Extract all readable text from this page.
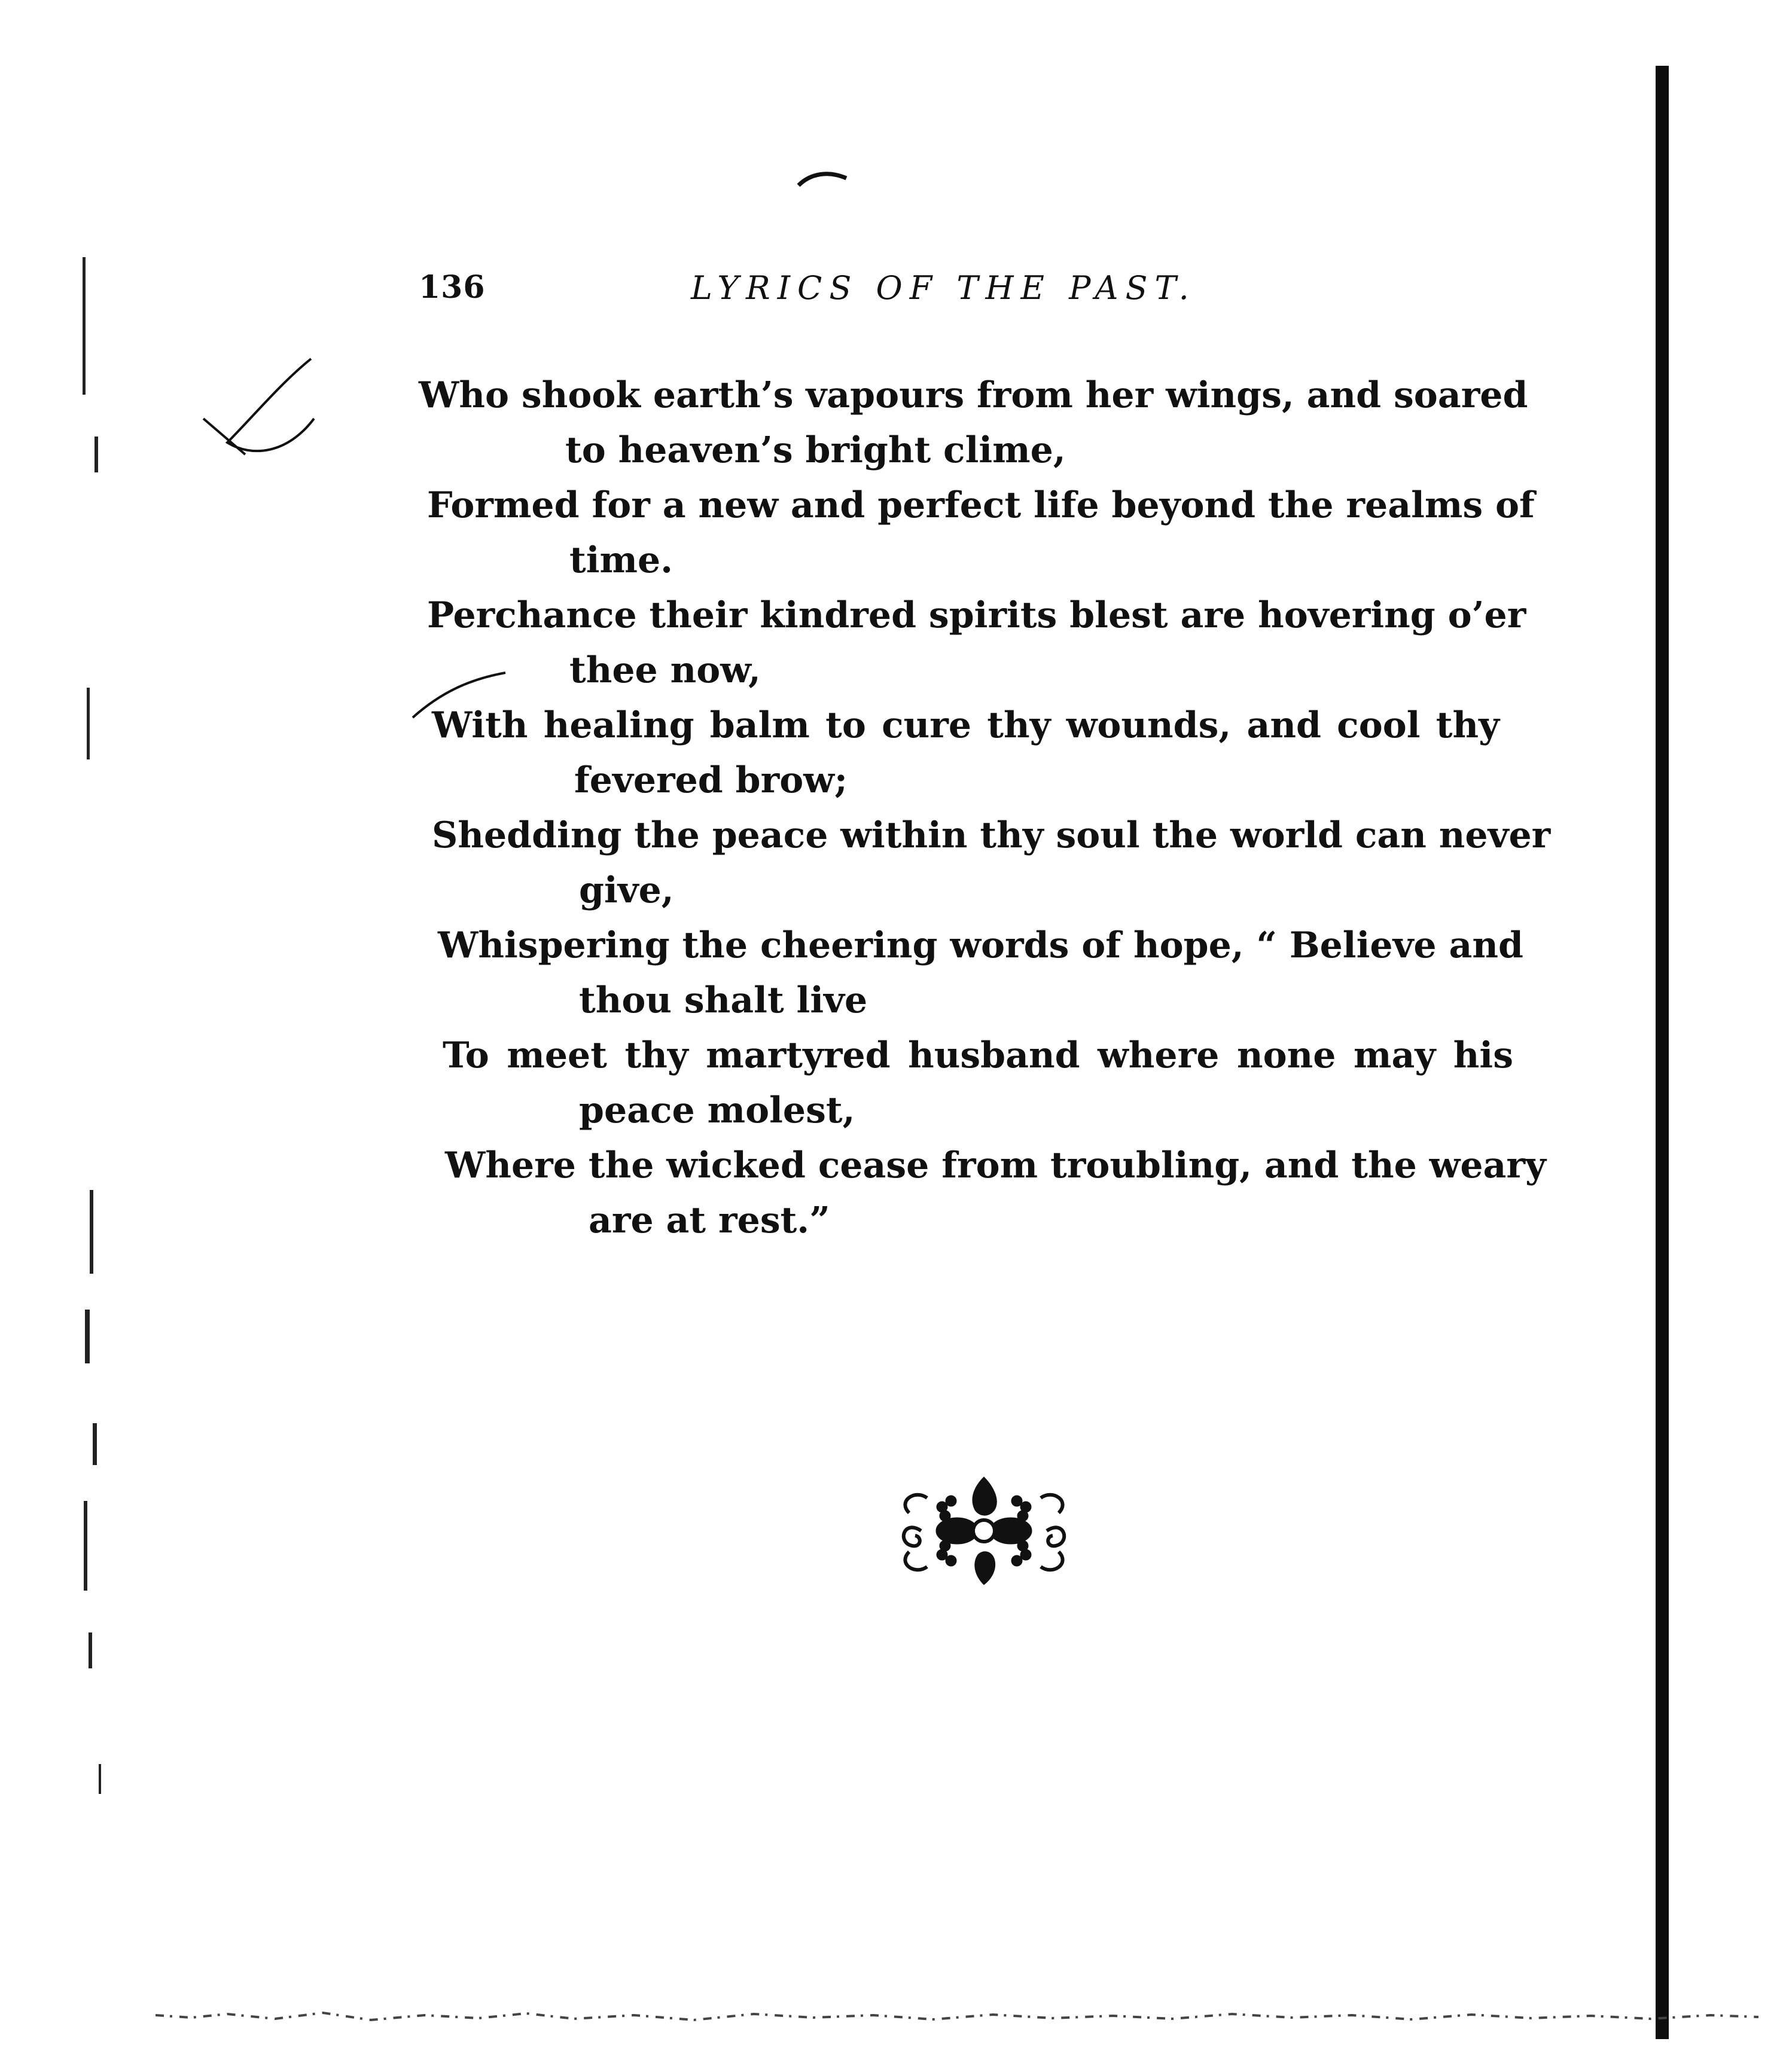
136	LYRICS OF THE PAST.
Who shook earth’s vapours from her wings, and soared
to heaven’s bright clime,
Formed for a new and perfect life beyond the realms of
time.
Perchance their kindred spirits blest are hovering o’er
thee now,
With healing balm to cure thy wounds, and cool thy
fevered brow;
Shedding the peace within thy soul the world can never
give,
Whispering the cheering words of hope, “ Believe and
thou shalt live
To meet thy martyred husband where none may his
peace molest,
Where the wicked cease from troubling, and the weary
are at rest.”
